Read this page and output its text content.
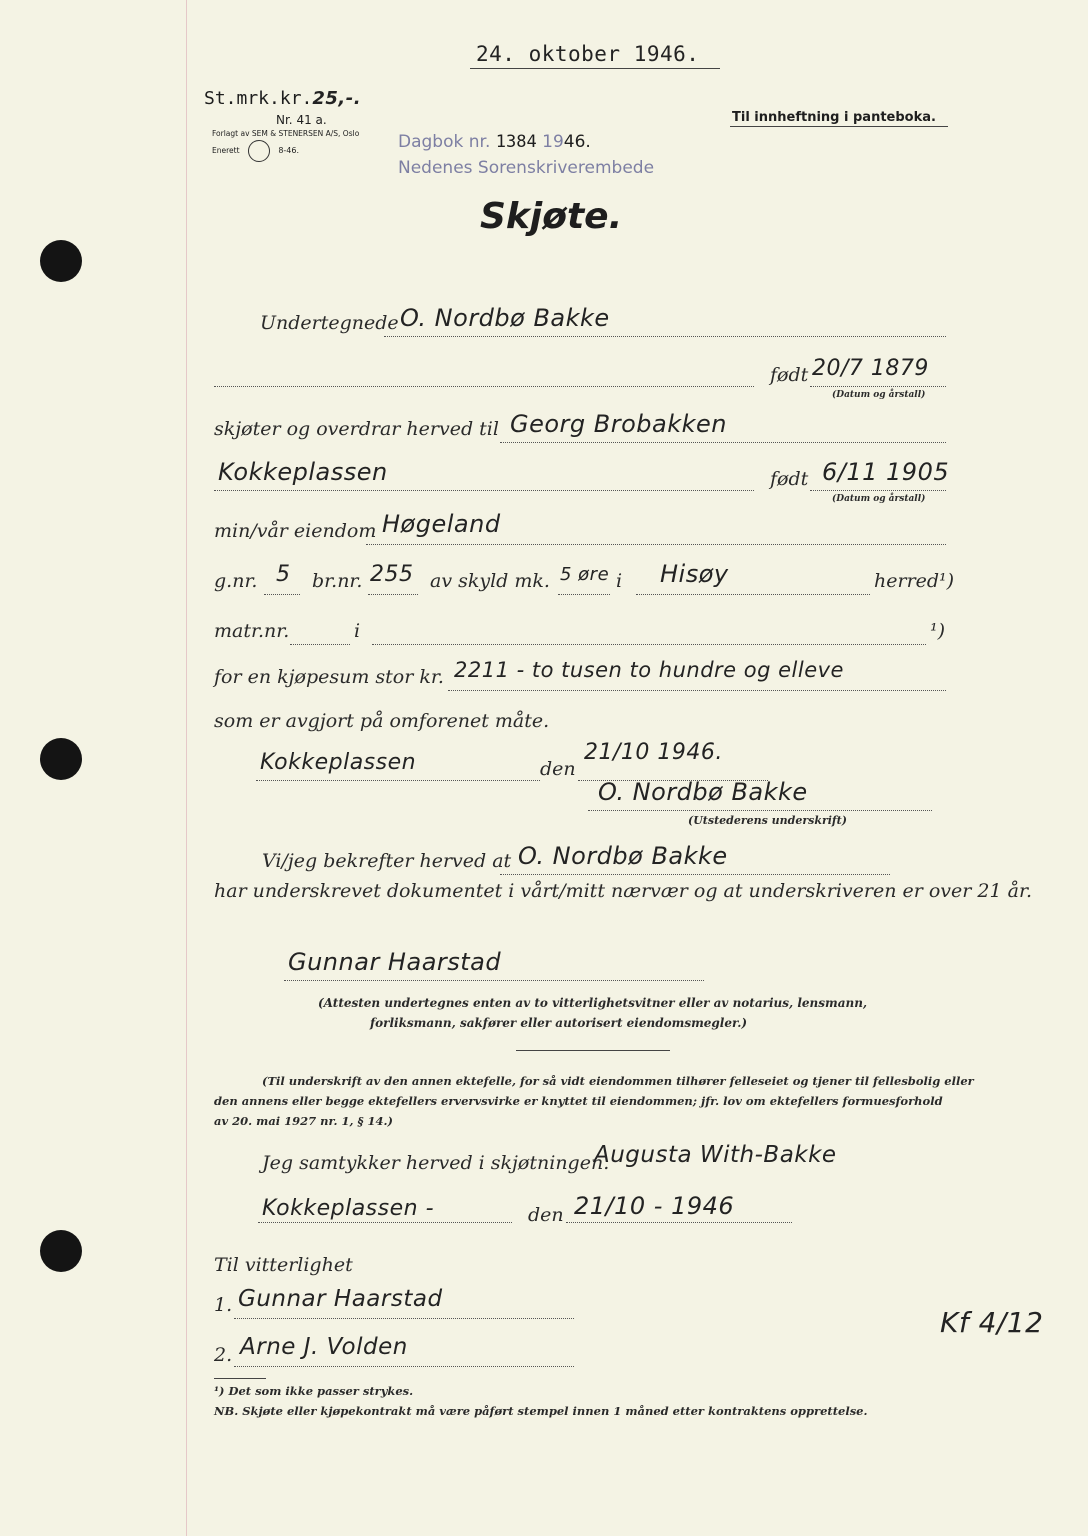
24. oktober 1946.
St.mrk.kr.25,-.
Nr. 41 a.
Forlagt av SEM & STENERSEN A/S, Oslo
Enerett	8-46.
Til innheftning i panteboka.
Dagbok nr. 1384 1946.
Nedenes Sorenskriverembede
Skjøte.
Undertegnede O. Nordbø Bakke
født 20/7 1879
(Datum og årstall)
skjøter og overdrar herved til Georg Brobakken
Kokkeplassen	født 6/11 1905
(Datum og årstall)
min/vår eiendom Høgeland
g.nr. 5 br.nr. 255 av skyld mk. 5 øre i Hisøy	herred¹)
matr.nr.	i	¹)
for en kjøpesum stor kr. 2211 - to tusen to hundre og elleve
som er avgjort på omforenet måte.
Kokkeplassen	den
21/10 1946.
O. Nordbø Bakke
(Utstederens underskrift)
Vi/jeg bekrefter herved at O. Nordbø Bakke
har underskrevet dokumentet i vårt/mitt nærvær og at underskriveren er over 21 år.
Gunnar Haarstad
(Attesten undertegnes enten av to vitterlighetsvitner eller av notarius, lensmann,
forliksmann, sakfører eller autorisert eiendomsmegler.)
(Til underskrift av den annen ektefelle, for så vidt eiendommen tilhører felleseiet og tjener til fellesbolig eller
den annens eller begge ektefellers ervervsvirke er knyttet til eiendommen; jfr. lov om ektefellers formuesforhold
av 20. mai 1927 nr. 1, § 14.)
Jeg samtykker herved i skjøtningen.
Augusta With-Bakke
Kokkeplassen -	den 21/10 - 1946
Til vitterlighet
1. Gunnar Haarstad
2. Arne J. Volden
Kf 4/12
¹) Det som ikke passer strykes.
NB. Skjøte eller kjøpekontrakt må være påført stempel innen 1 måned etter kontraktens opprettelse.
